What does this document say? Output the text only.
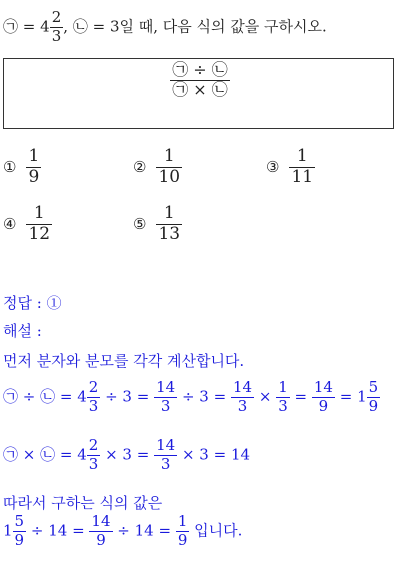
㉠ = $4 \frac{2}{3}$ , ㉡ = 3일 때, 다음 식의 값을 구하시오.
$\frac{㉠ \div ㉡}{㉠ \times ㉡}$
① $\frac{1}{9}$	② $\frac{1}{10}$	③ $\frac{1}{11}$
④ $\frac{1}{12}$	⑤ $\frac{1}{13}$
정답 : ①
해설 :
먼저 분자와 분모를 각각 계산합니다.
㉠ ÷ ㉡ = $4 \frac{2}{3} \div 3 = \frac{14}{3} \div 3 = \frac{14}{3} \times \frac{1}{3} = \frac{14}{9} = 1 \frac{5}{9}$
㉠ × ㉡ = $4 \frac{2}{3} \times 3 = \frac{14}{3} \times 3 = 14$
따라서 구하는 식의 값은
$1 \frac{5}{9} \div 14 = \frac{14}{9} \div 14 = \frac{1}{9}$ 입니다.
